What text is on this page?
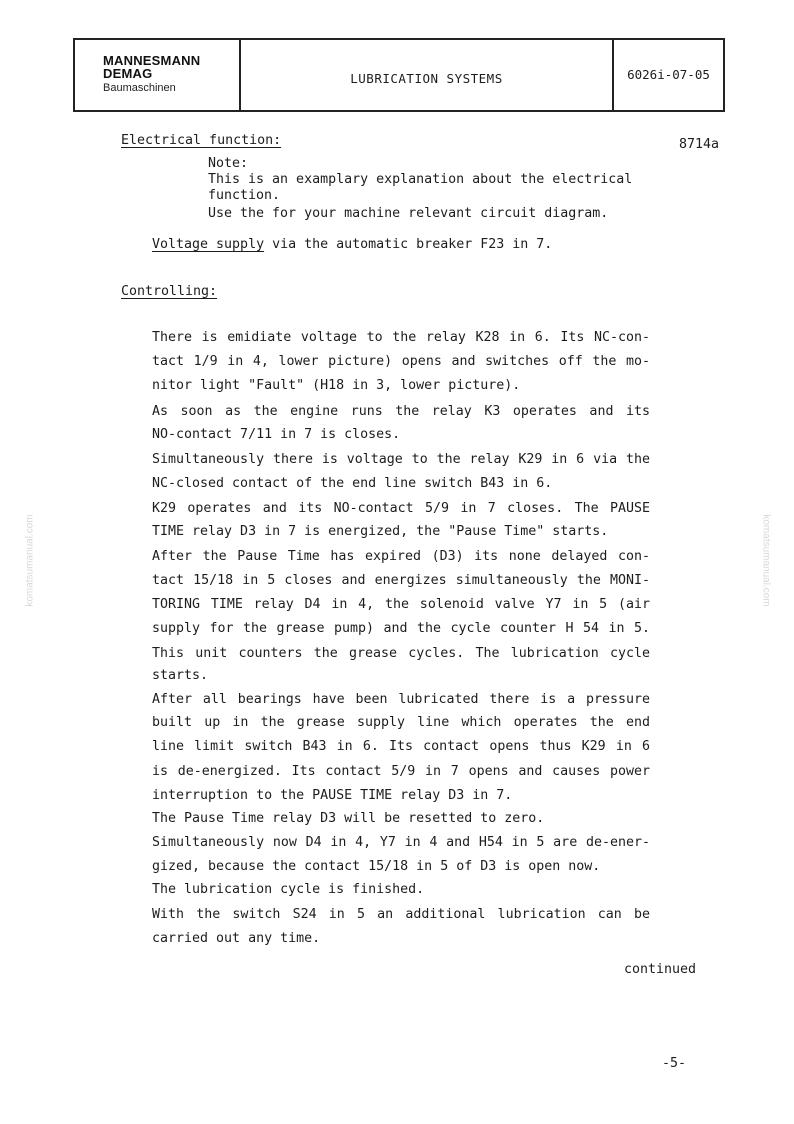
MANNESMANN
DEMAG
Baumaschinen
LUBRICATION SYSTEMS	6026i-07-05
Electrical function:	8714a
Note:
This is an examplary explanation about the electrical
function.
Use the for your machine relevant circuit diagram.
Voltage supply via the automatic breaker F23 in 7.
Controlling:
There is emidiate voltage to the relay K28 in 6. Its NC-con-
tact 1/9 in 4, lower picture) opens and switches off the mo-
nitor light "Fault" (H18 in 3, lower picture).
As soon as the engine runs the relay K3 operates and its
NO-contact 7/11 in 7 is closes.
Simultaneously there is voltage to the relay K29 in 6 via the
NC-closed contact of the end line switch B43 in 6.
K29 operates and its NO-contact 5/9 in 7 closes. The PAUSE
TIME relay D3 in 7 is energized, the "Pause Time" starts.
After the Pause Time has expired (D3) its none delayed con-
tact 15/18 in 5 closes and energizes simultaneously the MONI-
TORING TIME relay D4 in 4, the solenoid valve Y7 in 5 (air
supply for the grease pump) and the cycle counter H 54 in 5.
This unit counters the grease cycles. The lubrication cycle
starts.
After all bearings have been lubricated there is a pressure
built up in the grease supply line which operates the end
line limit switch B43 in 6. Its contact opens thus K29 in 6
is de-energized. Its contact 5/9 in 7 opens and causes power
interruption to the PAUSE TIME relay D3 in 7.
The Pause Time relay D3 will be resetted to zero.
Simultaneously now D4 in 4, Y7 in 4 and H54 in 5 are de-ener-
gized, because the contact 15/18 in 5 of D3 is open now.
The lubrication cycle is finished.
With the switch S24 in 5 an additional lubrication can be
carried out any time.
continued
-5-
komatsumanual.com	komatsumanual.com
